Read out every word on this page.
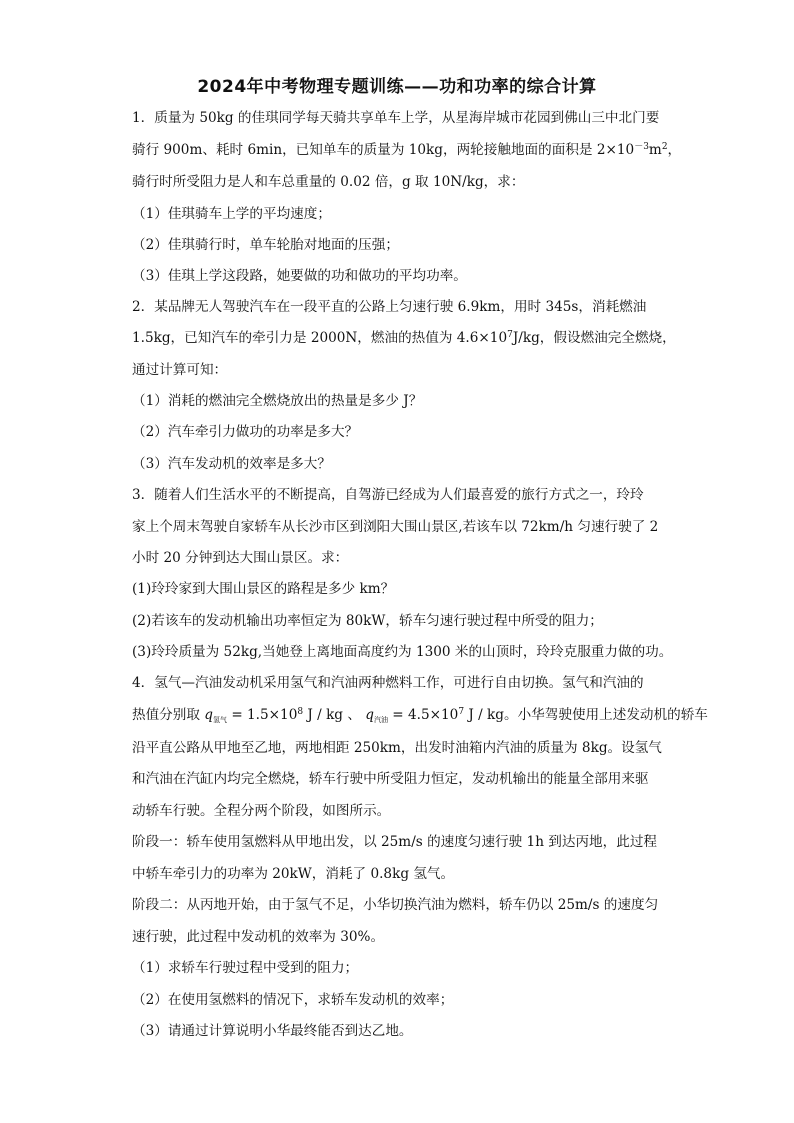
2024年中考物理专题训练——功和功率的综合计算
1．质量为 50kg 的佳琪同学每天骑共享单车上学，从星海岸城市花园到佛山三中北门要
骑行 900m、耗时 6min，已知单车的质量为 10kg，两轮接触地面的面积是 $2\times 10^{-3}m^2$，
骑行时所受阻力是人和车总重量的 0.02 倍，g 取 10N/kg，求：
（1）佳琪骑车上学的平均速度；
（2）佳琪骑行时，单车轮胎对地面的压强；
（3）佳琪上学这段路，她要做的功和做功的平均功率。
2．某品牌无人驾驶汽车在一段平直的公路上匀速行驶 6.9km，用时 345s，消耗燃油
1.5kg，已知汽车的牵引力是 2000N，燃油的热值为 $4.6\times 10^7J/kg$，假设燃油完全燃烧，
通过计算可知：
（1）消耗的燃油完全燃烧放出的热量是多少 J？
（2）汽车牵引力做功的功率是多大？
（3）汽车发动机的效率是多大？
3．随着人们生活水平的不断提高，自驾游已经成为人们最喜爱的旅行方式之一，玲玲
家上个周末驾驶自家轿车从长沙市区到浏阳大围山景区,若该车以 72km/h 匀速行驶了 2
小时 20 分钟到达大围山景区。求：
(1)玲玲家到大围山景区的路程是多少 km？
(2)若该车的发动机输出功率恒定为 80kW，轿车匀速行驶过程中所受的阻力；
(3)玲玲质量为 52kg,当她登上离地面高度约为 1300 米的山顶时，玲玲克服重力做的功。
4．氢气—汽油发动机采用氢气和汽油两种燃料工作，可进行自由切换。氢气和汽油的
热值分别取 $q_{氢气} = 1.5\times 10^8$ J / kg 、 $q_{汽油} = 4.5\times 10^7$ J / kg。小华驾驶使用上述发动机的轿车
沿平直公路从甲地至乙地，两地相距 250km，出发时油箱内汽油的质量为 8kg。设氢气
和汽油在汽缸内均完全燃烧，轿车行驶中所受阻力恒定，发动机输出的能量全部用来驱
动轿车行驶。全程分两个阶段，如图所示。
阶段一：轿车使用氢燃料从甲地出发，以 25m/s 的速度匀速行驶 1h 到达丙地，此过程
中轿车牵引力的功率为 20kW，消耗了 0.8kg 氢气。
阶段二：从丙地开始，由于氢气不足，小华切换汽油为燃料，轿车仍以 25m/s 的速度匀
速行驶，此过程中发动机的效率为 30%。
（1）求轿车行驶过程中受到的阻力；
（2）在使用氢燃料的情况下，求轿车发动机的效率；
（3）请通过计算说明小华最终能否到达乙地。
